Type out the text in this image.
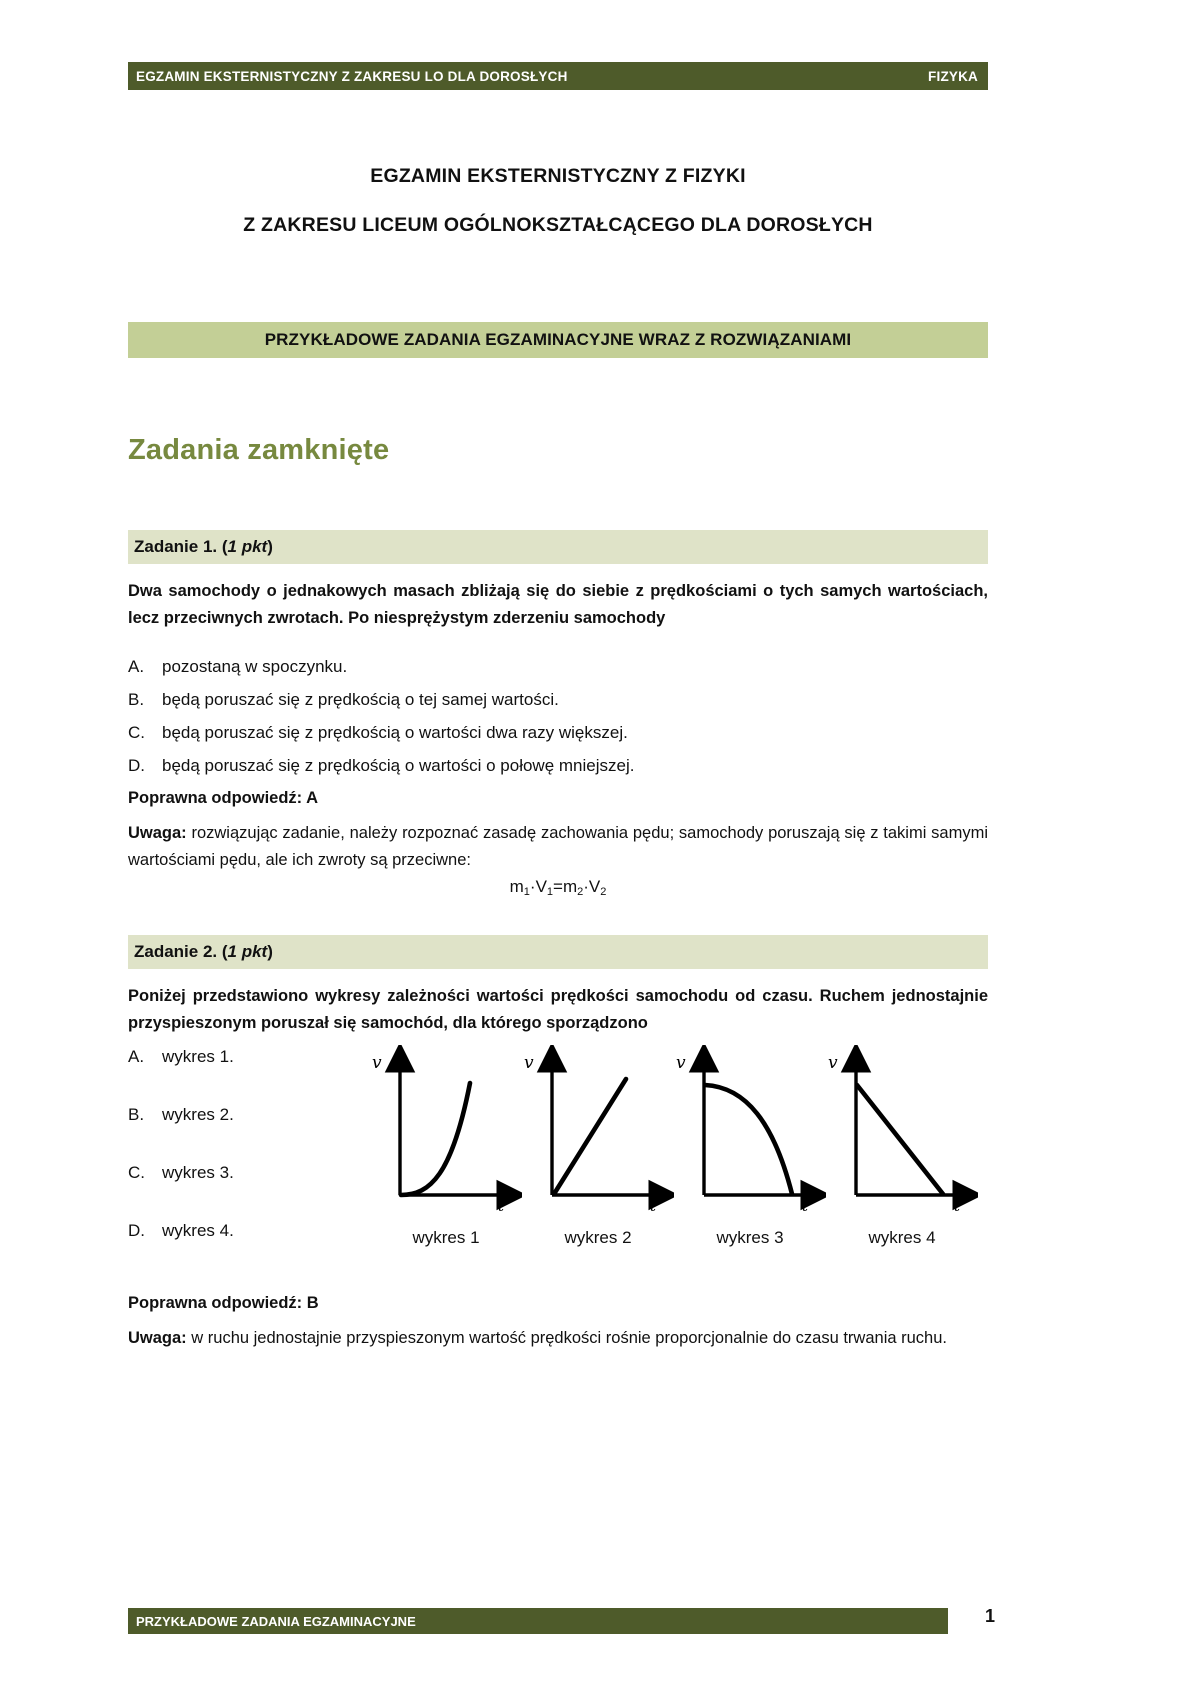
EGZAMIN EKSTERNISTYCZNY Z ZAKRESU LO DLA DOROSŁYCH	FIZYKA
EGZAMIN EKSTERNISTYCZNY Z FIZYKI
Z ZAKRESU LICEUM OGÓLNOKSZTAŁCĄCEGO DLA DOROSŁYCH
PRZYKŁADOWE ZADANIA EGZAMINACYJNE WRAZ Z ROZWIĄZANIAMI
Zadania zamknięte
Zadanie 1. ( 1 pkt )
Dwa samochody o jednakowych masach zbliżają się do siebie z prędkościami o tych samych wartościach, lecz przeciwnych zwrotach. Po niesprężystym zderzeniu samochody
A.	pozostaną w spoczynku.
B.	będą poruszać się z prędkością o tej samej wartości.
C.	będą poruszać się z prędkością o wartości dwa razy większej.
D.	będą poruszać się z prędkością o wartości o połowę mniejszej.
Poprawna odpowiedź: A
Uwaga: rozwiązując zadanie, należy rozpoznać zasadę zachowania pędu; samochody poruszają się z takimi samymi wartościami pędu, ale ich zwroty są przeciwne:
$m_1\cdot V_1=m_2\cdot V_2$
Zadanie 2. ( 1 pkt )
Poniżej przedstawiono wykresy zależności wartości prędkości samochodu od czasu. Ruchem jednostajnie przyspieszonym poruszał się samochód, dla którego sporządzono
A.	wykres 1.
B.	wykres 2.
C.	wykres 3.
D.	wykres 4.
v
t
v
t
v
t
v
t
wykres 1	wykres 2	wykres 3	wykres 4
Poprawna odpowiedź: B
Uwaga: w ruchu jednostajnie przyspieszonym wartość prędkości rośnie proporcjonalnie do czasu trwania ruchu.
PRZYKŁADOWE ZADANIA EGZAMINACYJNE	1
